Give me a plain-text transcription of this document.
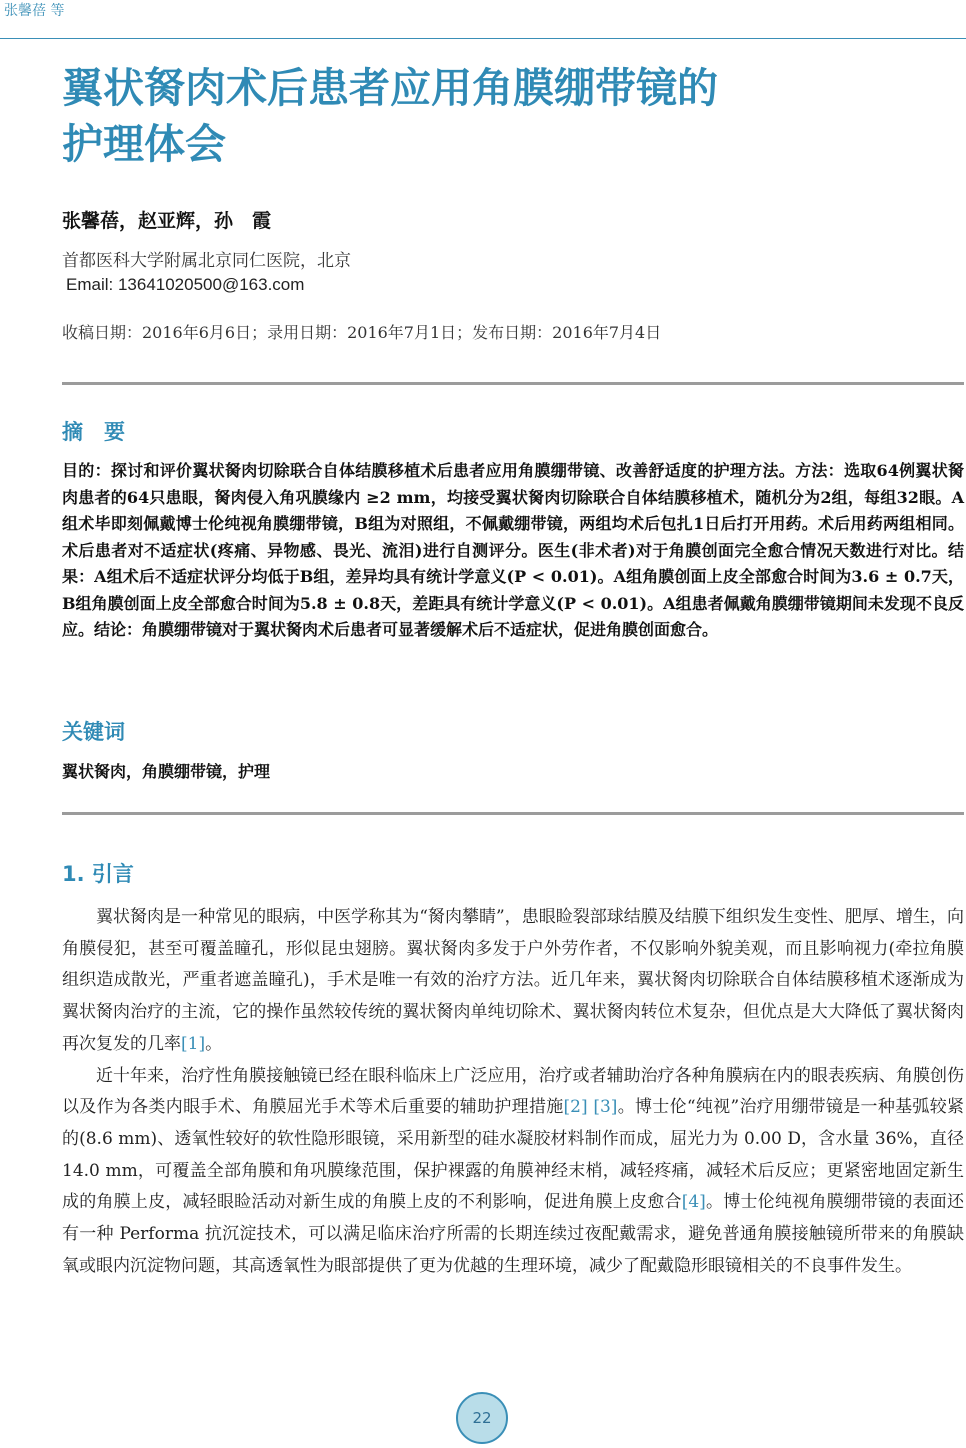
张馨蓓 等
翼状胬肉术后患者应用角膜绷带镜的
护理体会
张馨蓓，赵亚辉，孙　霞
首都医科大学附属北京同仁医院，北京
Email: 13641020500@163.com
收稿日期：2016年6月6日；录用日期：2016年7月1日；发布日期：2016年7月4日
摘　要

目的：探讨和评价翼状胬肉切除联合自体结膜移植术后患者应用角膜绷带镜、改善舒适度的护理方法。方法：选取64例翼状胬肉患者的64只患眼，胬肉侵入角巩膜缘内 ≥2 mm，均接受翼状胬肉切除联合自体结膜移植术，随机分为2组，每组32眼。A组术毕即刻佩戴博士伦纯视角膜绷带镜，B组为对照组，不佩戴绷带镜，两组均术后包扎1日后打开用药。术后用药两组相同。术后患者对不适症状(疼痛、异物感、畏光、流泪)进行自测评分。医生(非术者)对于角膜创面完全愈合情况天数进行对比。结果：A组术后不适症状评分均低于B组，差异均具有统计学意义(P < 0.01)。A组角膜创面上皮全部愈合时间为3.6 ± 0.7天，B组角膜创面上皮全部愈合时间为5.8 ± 0.8天，差距具有统计学意义(P < 0.01)。A组患者佩戴角膜绷带镜期间未发现不良反应。结论：角膜绷带镜对于翼状胬肉术后患者可显著缓解术后不适症状，促进角膜创面愈合。

关键词
翼状胬肉，角膜绷带镜，护理
1. 引言

翼状胬肉是一种常见的眼病，中医学称其为“胬肉攀睛”，患眼睑裂部球结膜及结膜下组织发生变性、肥厚、增生，向角膜侵犯，甚至可覆盖瞳孔，形似昆虫翅膀。翼状胬肉多发于户外劳作者，不仅影响外貌美观，而且影响视力(牵拉角膜组织造成散光，严重者遮盖瞳孔)，手术是唯一有效的治疗方法。近几年来，翼状胬肉切除联合自体结膜移植术逐渐成为翼状胬肉治疗的主流，它的操作虽然较传统的翼状胬肉单纯切除术、翼状胬肉转位术复杂，但优点是大大降低了翼状胬肉再次复发的几率[1]。

近十年来，治疗性角膜接触镜已经在眼科临床上广泛应用，治疗或者辅助治疗各种角膜病在内的眼表疾病、角膜创伤以及作为各类内眼手术、角膜屈光手术等术后重要的辅助护理措施[2] [3]。博士伦“纯视”治疗用绷带镜是一种基弧较紧的(8.6 mm)、透氧性较好的软性隐形眼镜，采用新型的硅水凝胶材料制作而成，屈光力为 0.00 D，含水量 36%，直径 14.0 mm，可覆盖全部角膜和角巩膜缘范围，保护裸露的角膜神经末梢，减轻疼痛，减轻术后反应；更紧密地固定新生成的角膜上皮，减轻眼睑活动对新生成的角膜上皮的不利影响，促进角膜上皮愈合[4]。博士伦纯视角膜绷带镜的表面还有一种 Performa 抗沉淀技术，可以满足临床治疗所需的长期连续过夜配戴需求，避免普通角膜接触镜所带来的角膜缺氧或眼内沉淀物问题，其高透氧性为眼部提供了更为优越的生理环境，减少了配戴隐形眼镜相关的不良事件发生。

22
